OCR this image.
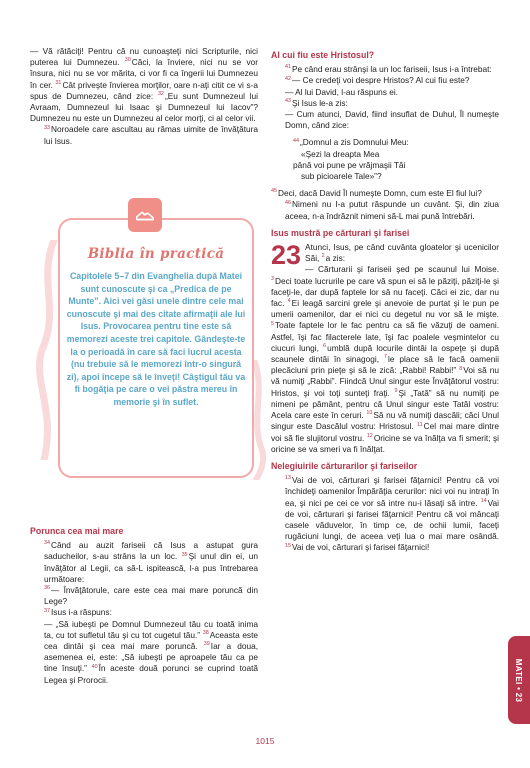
— Vă rătăciţi! Pentru că nu cunoaşteţi nici Scripturile, nici puterea lui Dumnezeu. $^{30}$Căci, la înviere, nici nu se vor însura, nici nu se vor mărita, ci vor fi ca îngerii lui Dumnezeu în cer. $^{31}$Cât priveşte învierea morţilor, oare n-aţi citit ce vi s-a spus de Dumnezeu, când zice: $^{32}$„Eu sunt Dumnezeul lui Avraam, Dumnezeul lui Isaac şi Dumnezeul lui Iacov”? Dumnezeu nu este un Dumnezeu al celor morţi, ci al celor vii.

$^{33}$Noroadele care ascultau au rămas uimite de învăţătura lui Isus.

Biblia în practică
Capitolele 5–7 din Evanghelia după Matei sunt cunoscute şi ca „Predica de pe Munte”. Aici vei găsi unele dintre cele mai cunoscute şi mai des citate afirmaţii ale lui Isus. Provocarea pentru tine este să memorezi aceste trei capitole. Gândeşte-te la o perioadă în care să faci lucrul acesta (nu trebuie să le memorezi într-o singură zi), apoi începe să le înveţi! Câştigul tău va fi bogăţia pe care o vei păstra mereu în memorie şi în suflet.

Porunca cea mai mare

$^{34}$Când au auzit fariseii că Isus a astupat gura saducheilor, s-au strâns la un loc. $^{35}$Şi unul din ei, un învăţător al Legii, ca să-L ispitească, l-a pus întrebarea următoare:

$^{36}$— Învăţătorule, care este cea mai mare poruncă din Lege?

$^{37}$Isus i-a răspuns:

— „Să iubeşti pe Domnul Dumnezeul tău cu toată inima ta, cu tot sufletul tău şi cu tot cugetul tău.” $^{38}$Aceasta este cea dintâi şi cea mai mare poruncă. $^{39}$Iar a doua, asemenea ei, este: „Să iubeşti pe aproapele tău ca pe tine însuţi.” $^{40}$În aceste două porunci se cuprind toată Legea şi Prorocii.

Al cui fiu este Hristosul?

$^{41}$Pe când erau strânşi la un loc fariseii, Isus i-a întrebat:

$^{42}$— Ce credeţi voi despre Hristos? Al cui fiu este?

— Al lui David, l-au răspuns ei.

$^{43}$Şi Isus le-a zis:

— Cum atunci, David, fiind insuflat de Duhul, Îl numeşte Domn, când zice:

$^{44}$„Domnul a zis Domnului Meu:

«Şezi la dreapta Mea

până voi pune pe vrăjmaşii Tăi

sub picioarele Tale»”?

$^{45}$Deci, dacă David Îl numeşte Domn, cum este El fiul lui?

$^{46}$Nimeni nu I-a putut răspunde un cuvânt. Şi, din ziua aceea, n-a îndrăznit nimeni să-L mai pună întrebări.

Isus mustră pe cărturari şi farisei

23 Atunci, Isus, pe când cuvânta gloatelor şi ucenicilor Săi, $^2$a zis:

— Cărturarii şi fariseii şed pe scaunul lui Moise. $^3$Deci toate lucrurile pe care vă spun ei să le păziţi, păziţi-le şi faceţi-le, dar după faptele lor să nu faceţi. Căci ei zic, dar nu fac. $^4$Ei leagă sarcini grele şi anevoie de purtat şi le pun pe umerii oamenilor, dar ei nici cu degetul nu vor să le mişte. $^5$Toate faptele lor le fac pentru ca să fie văzuţi de oameni. Astfel, îşi fac filacterele late, îşi fac poalele veşmintelor cu ciucuri lungi, $^6$umblă după locurile dintâi la ospeţe şi după scaunele dintâi în sinagogi, $^7$le place să le facă oamenii plecăciuni prin pieţe şi să le zică: „Rabbi! Rabbi!” $^8$Voi să nu vă numiţi „Rabbi”. Fiindcă Unul singur este Învăţătorul vostru: Hristos, şi voi toţi sunteţi fraţi. $^9$Şi „Tată” să nu numiţi pe nimeni pe pământ, pentru că Unul singur este Tatăl vostru: Acela care este în ceruri. $^{10}$Să nu vă numiţi dascăli; căci Unul singur este Dascălul vostru: Hristosul. $^{11}$Cel mai mare dintre voi să fie slujitorul vostru. $^{12}$Oricine se va înălţa va fi smerit; şi oricine se va smeri va fi înălţat.

Nelegiuirile cărturarilor şi fariseilor

$^{13}$Vai de voi, cărturari şi farisei făţarnici! Pentru că voi închideţi oamenilor Împărăţia cerurilor: nici voi nu intraţi în ea, şi nici pe cei ce vor să intre nu-i lăsaţi să intre. $^{14}$Vai de voi, cărturari şi farisei făţarnici! Pentru că voi mâncaţi casele văduvelor, în timp ce, de ochii lumii, faceţi rugăciuni lungi, de aceea veţi lua o mai mare osândă. $^{15}$Vai de voi, cărturari şi farisei făţarnici!

MATEI • 23
1015
